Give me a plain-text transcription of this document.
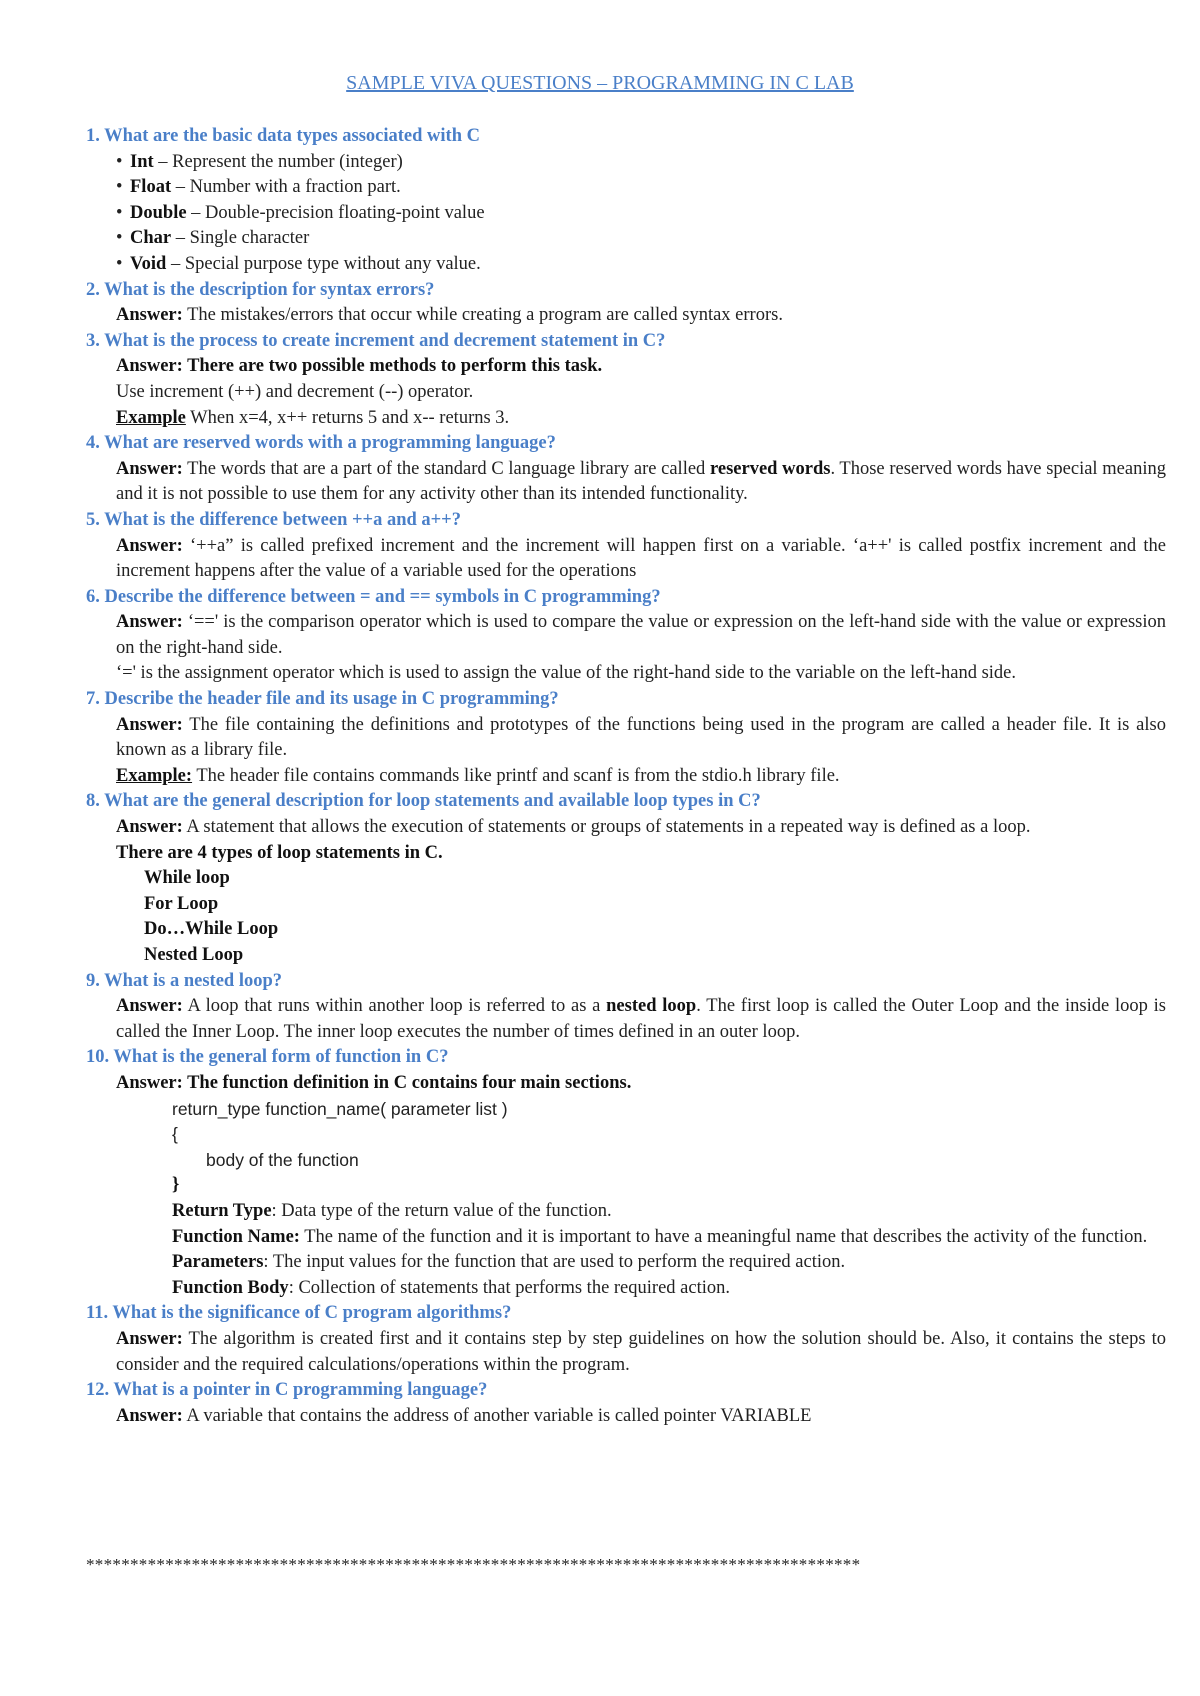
SAMPLE VIVA QUESTIONS – PROGRAMMING IN C LAB
1. What are the basic data types associated with C
• Int – Represent the number (integer)
• Float – Number with a fraction part.
• Double – Double-precision floating-point value
• Char – Single character
• Void – Special purpose type without any value.
2. What is the description for syntax errors?
Answer: The mistakes/errors that occur while creating a program are called syntax errors.
3. What is the process to create increment and decrement statement in C?
Answer: There are two possible methods to perform this task.
Use increment (++) and decrement (--) operator.
Example When x=4, x++ returns 5 and x-- returns 3.
4. What are reserved words with a programming language?
Answer: The words that are a part of the standard C language library are called reserved words. Those reserved words have special meaning and it is not possible to use them for any activity other than its intended functionality.
5. What is the difference between ++a and a++?
Answer: ‘++a” is called prefixed increment and the increment will happen first on a variable. ‘a++' is called postfix increment and the increment happens after the value of a variable used for the operations
6. Describe the difference between = and == symbols in C programming?
Answer: ‘==' is the comparison operator which is used to compare the value or expression on the left-hand side with the value or expression on the right-hand side.
‘=' is the assignment operator which is used to assign the value of the right-hand side to the variable on the left-hand side.
7. Describe the header file and its usage in C programming?
Answer: The file containing the definitions and prototypes of the functions being used in the program are called a header file. It is also known as a library file.
Example: The header file contains commands like printf and scanf is from the stdio.h library file.
8. What are the general description for loop statements and available loop types in C?
Answer: A statement that allows the execution of statements or groups of statements in a repeated way is defined as a loop.
There are 4 types of loop statements in C.
While loop
For Loop
Do…While Loop
Nested Loop
9. What is a nested loop?
Answer: A loop that runs within another loop is referred to as a nested loop. The first loop is called the Outer Loop and the inside loop is called the Inner Loop. The inner loop executes the number of times defined in an outer loop.
10. What is the general form of function in C?
Answer: The function definition in C contains four main sections.
return_type function_name( parameter list )
{
body of the function
}
Return Type: Data type of the return value of the function.
Function Name: The name of the function and it is important to have a meaningful name that describes the activity of the function.
Parameters: The input values for the function that are used to perform the required action.
Function Body: Collection of statements that performs the required action.
11. What is the significance of C program algorithms?
Answer: The algorithm is created first and it contains step by step guidelines on how the solution should be. Also, it contains the steps to consider and the required calculations/operations within the program.
12. What is a pointer in C programming language?
Answer: A variable that contains the address of another variable is called pointer VARIABLE
****************************************************************************************
